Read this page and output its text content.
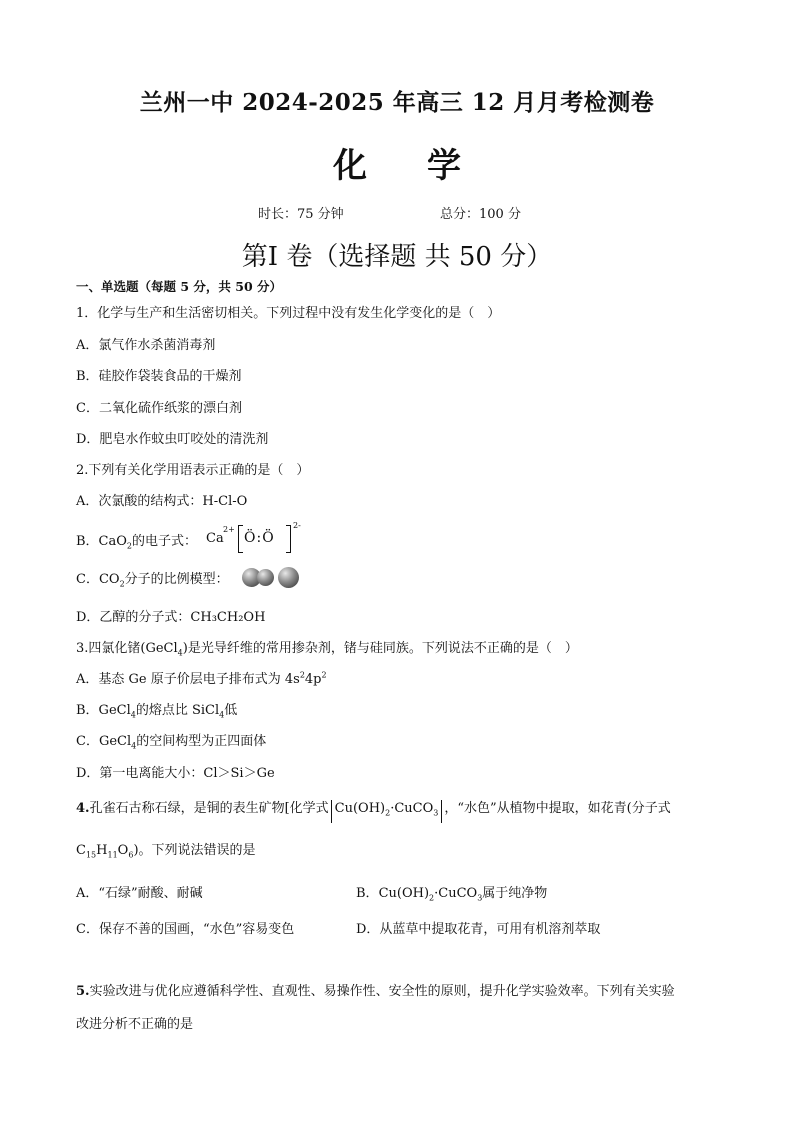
兰州一中 2024-2025 年高三 12 月月考检测卷
化 学
时长：75 分钟	总分：100 分
第Ⅰ 卷（选择题 共 50 分）
一、单选题（每题 5 分，共 50 分）
1．化学与生产和生活密切相关。下列过程中没有发生化学变化的是（　）
A．氯气作水杀菌消毒剂
B．硅胶作袋装食品的干燥剂
C．二氧化硫作纸浆的漂白剂
D．肥皂水作蚊虫叮咬处的清洗剂
2.下列有关化学用语表示正确的是（　）
A．次氯酸的结构式：H-Cl-O
B．CaO$_2$的电子式： Ca
2+
Ö:Ö
2-
C．$CO_2$分子的比例模型：
D．乙醇的分子式：CH₃CH₂OH
3.四氯化锗(GeCl$_4$)是光导纤维的常用掺杂剂，锗与硅同族。下列说法不正确的是（　）
A．基态 Ge 原子价层电子排布式为 $4s^24p^2$
B．GeCl$_4$的熔点比 SiCl$_4$低
C．GeCl$_4$的空间构型为正四面体
D．第一电离能大小：Cl＞Si＞Ge
4.孔雀石古称石绿，是铜的表生矿物[化学式 $Cu(OH)_2\cdot CuCO_3$ ，“水色”从植物中提取，如花青(分子式
$C_{15}H_{11}O_6$)。下列说法错误的是
A．“石绿”耐酸、耐碱	B．$Cu(OH)_2\cdot CuCO_3$属于纯净物
C．保存不善的国画，“水色”容易变色	D．从蓝草中提取花青，可用有机溶剂萃取
5.实验改进与优化应遵循科学性、直观性、易操作性、安全性的原则，提升化学实验效率。下列有关实验
改进分析不正确的是
